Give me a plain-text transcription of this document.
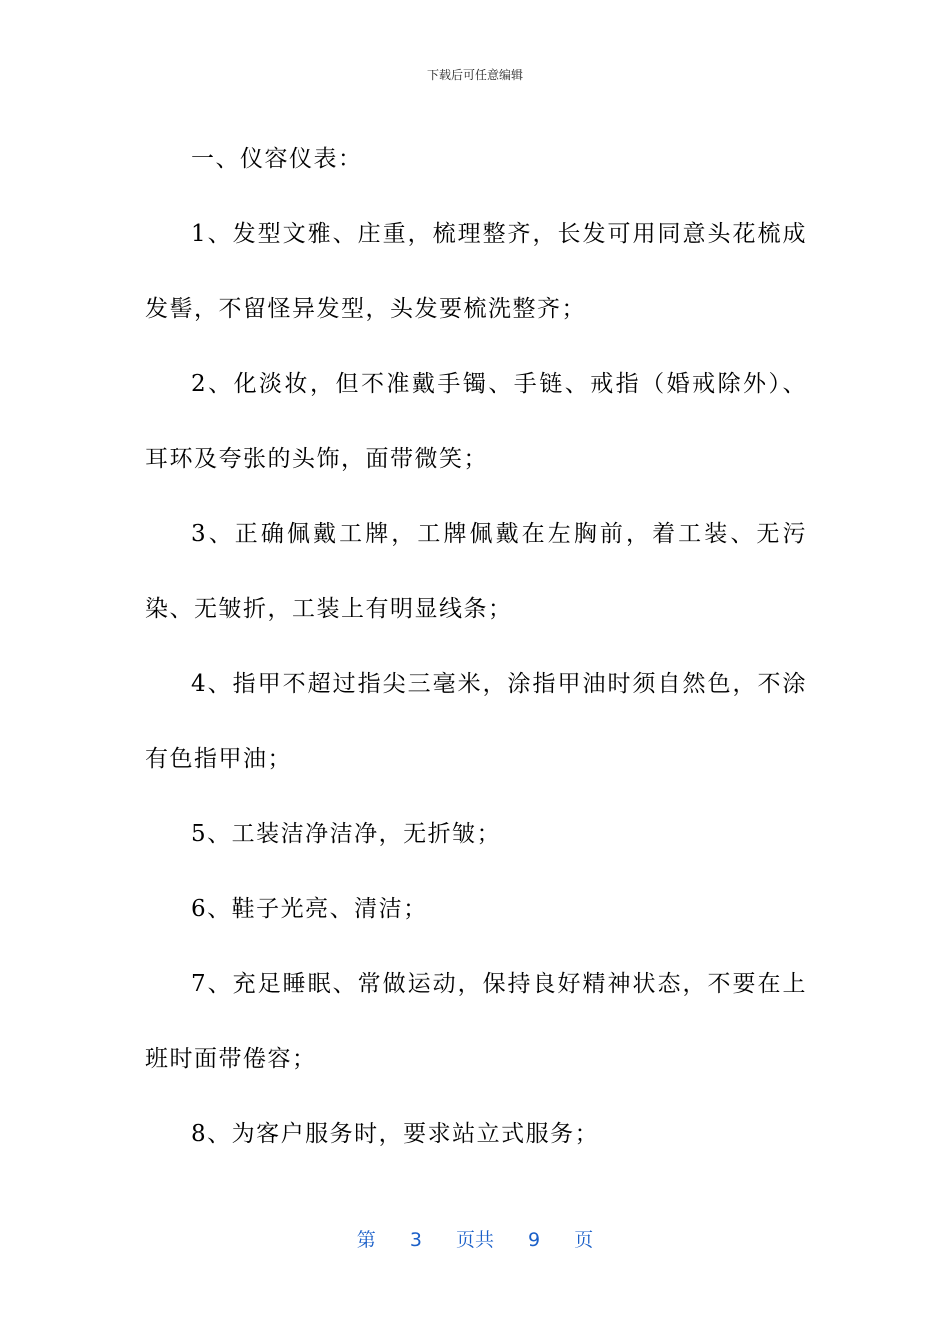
下载后可任意编辑

一、仪容仪表：

1、发型文雅、庄重，梳理整齐，长发可用同意头花梳成发髻，不留怪异发型，头发要梳洗整齐；

2、化淡妆，但不准戴手镯、手链、戒指（婚戒除外）、耳环及夸张的头饰，面带微笑；

3、正确佩戴工牌，工牌佩戴在左胸前，着工装、无污染、无皱折，工装上有明显线条；

4、指甲不超过指尖三毫米，涂指甲油时须自然色，不涂有色指甲油；

5、工装洁净洁净，无折皱；

6、鞋子光亮、清洁；

7、充足睡眠、常做运动，保持良好精神状态，不要在上班时面带倦容；

8、为客户服务时，要求站立式服务；

第 3 页共 9 页
